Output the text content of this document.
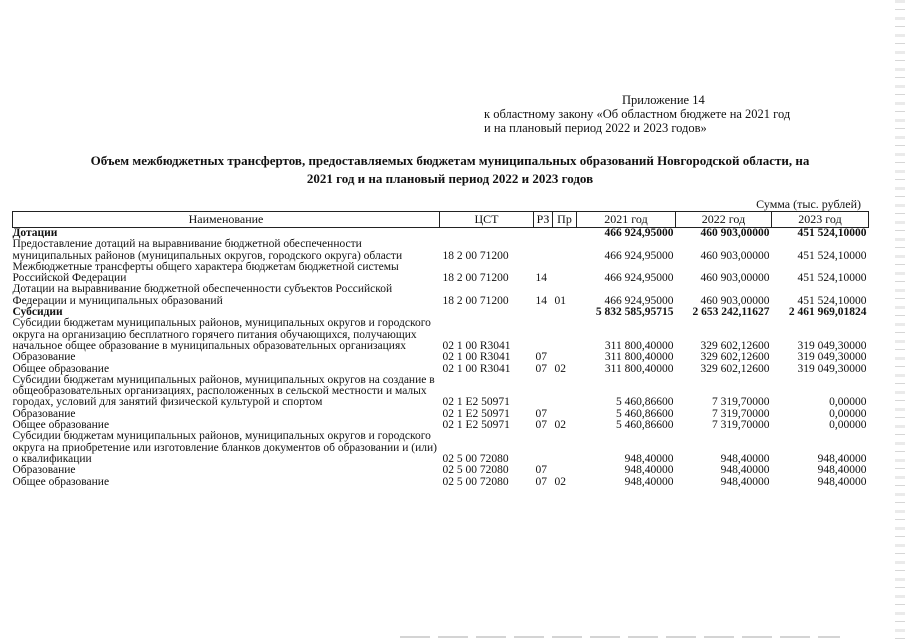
Приложение 14
к областному закону «Об областном бюджете на 2021 год
и на плановый период 2022 и 2023 годов»
Объем межбюджетных трансфертов, предоставляемых бюджетам муниципальных образований Новгородской области, на
2021 год и на плановый период 2022 и 2023 годов
Сумма (тыс. рублей)
Наименование	ЦСТ	РЗ	Пр	2021 год	2022 год	2023 год
Дотации				466 924,95000	460 903,00000	451 524,10000
Предоставление дотаций на выравнивание бюджетной обеспеченности муниципальных районов (муниципальных округов, городского округа) области	18 2 00 71200			466 924,95000	460 903,00000	451 524,10000
Межбюджетные трансферты общего характера бюджетам бюджетной системы Российской Федерации	18 2 00 71200	14		466 924,95000	460 903,00000	451 524,10000
Дотации на выравнивание бюджетной обеспеченности субъектов Российской Федерации и муниципальных образований	18 2 00 71200	14	01	466 924,95000	460 903,00000	451 524,10000
Субсидии				5 832 585,95715	2 653 242,11627	2 461 969,01824
Субсидии бюджетам муниципальных районов, муниципальных округов и городского округа на организацию бесплатного горячего питания обучающихся, получающих начальное общее образование в муниципальных образовательных организациях	02 1 00 R3041			311 800,40000	329 602,12600	319 049,30000
Образование	02 1 00 R3041	07		311 800,40000	329 602,12600	319 049,30000
Общее образование	02 1 00 R3041	07	02	311 800,40000	329 602,12600	319 049,30000
Субсидии бюджетам муниципальных районов, муниципальных округов на создание в общеобразовательных организациях, расположенных в сельской местности и малых городах, условий для занятий физической культурой и спортом	02 1 E2 50971			5 460,86600	7 319,70000	0,00000
Образование	02 1 E2 50971	07		5 460,86600	7 319,70000	0,00000
Общее образование	02 1 E2 50971	07	02	5 460,86600	7 319,70000	0,00000
Субсидии бюджетам муниципальных районов, муниципальных округов и городского округа на приобретение или изготовление бланков документов об образовании и (или) о квалификации	02 5 00 72080			948,40000	948,40000	948,40000
Образование	02 5 00 72080	07		948,40000	948,40000	948,40000
Общее образование	02 5 00 72080	07	02	948,40000	948,40000	948,40000
